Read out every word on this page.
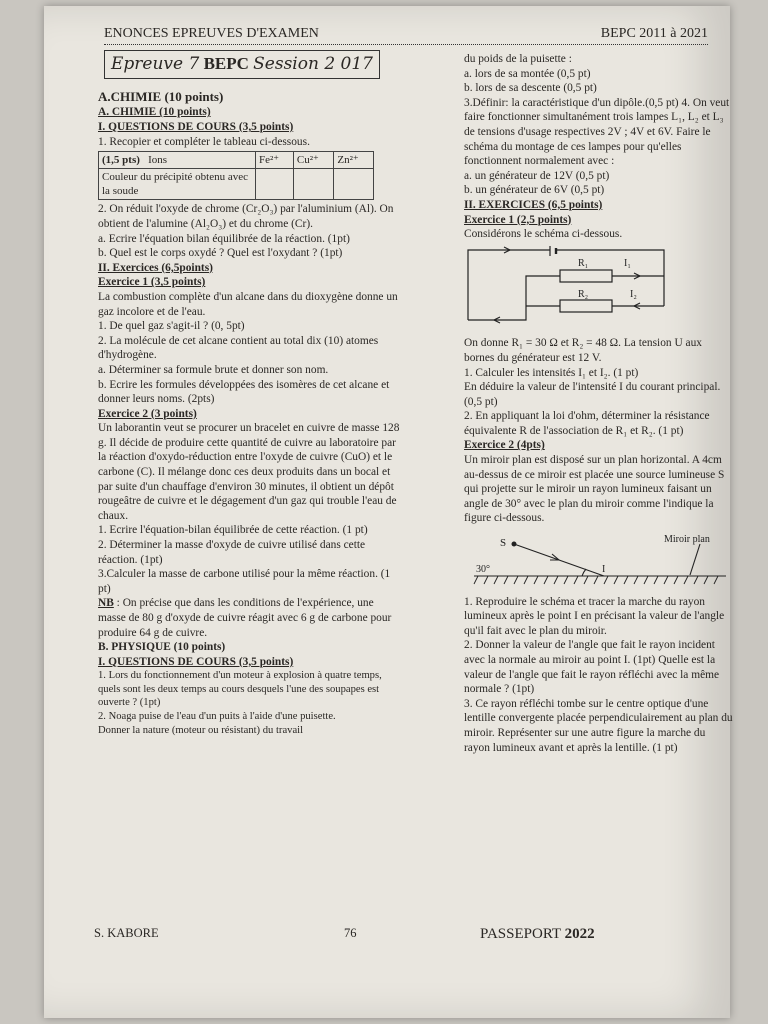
ENONCES EPREUVES D'EXAMEN	BEPC 2011 à 2021
Epreuve 7 BEPC Session 2 017

A.CHIMIE (10 points)

A. CHIMIE (10 points)

I. QUESTIONS DE COURS (3,5 points)

1. Recopier et compléter le tableau ci-dessous.

(1,5 pts) Ions	Fe²⁺	Cu²⁺	Zn²⁺
Couleur du précipité obtenu avec la soude			

2. On réduit l'oxyde de chrome (Cr₂O₃) par l'aluminium (Al). On obtient de l'alumine (Al₂O₃) et du chrome (Cr).

a. Ecrire l'équation bilan équilibrée de la réaction. (1pt)

b. Quel est le corps oxydé ? Quel est l'oxydant ? (1pt)

II. Exercices (6,5points)

Exercice 1 (3,5 points)

La combustion complète d'un alcane dans du dioxygène donne un gaz incolore et de l'eau.

1. De quel gaz s'agit-il ? (0, 5pt)

2. La molécule de cet alcane contient au total dix (10) atomes d'hydrogène.

a. Déterminer sa formule brute et donner son nom.

b. Ecrire les formules développées des isomères de cet alcane et donner leurs noms. (2pts)

Exercice 2 (3 points)

Un laborantin veut se procurer un bracelet en cuivre de masse 128 g. Il décide de produire cette quantité de cuivre au laboratoire par la réaction d'oxydo-réduction entre l'oxyde de cuivre (CuO) et le carbone (C). Il mélange donc ces deux produits dans un bocal et par suite d'un chauffage d'environ 30 minutes, il obtient un dépôt rougeâtre de cuivre et le dégagement d'un gaz qui trouble l'eau de chaux.

1. Ecrire l'équation-bilan équilibrée de cette réaction. (1 pt)

2. Déterminer la masse d'oxyde de cuivre utilisé dans cette réaction. (1pt)

3.Calculer la masse de carbone utilisé pour la même réaction. (1 pt)

NB : On précise que dans les conditions de l'expérience, une masse de 80 g d'oxyde de cuivre réagit avec 6 g de carbone pour produire 64 g de cuivre.

B. PHYSIQUE (10 points)

I. QUESTIONS DE COURS (3,5 points)

1. Lors du fonctionnement d'un moteur à explosion à quatre temps, quels sont les deux temps au cours desquels l'une des soupapes est ouverte ? (1pt)

2. Noaga puise de l'eau d'un puits à l'aide d'une puisette.

Donner la nature (moteur ou résistant) du travail

du poids de la puisette :

a. lors de sa montée (0,5 pt)

b. lors de sa descente (0,5 pt)

3.Définir: la caractéristique d'un dipôle.(0,5 pt) 4. On veut faire fonctionner simultanément trois lampes L₁, L₂ et L₃ de tensions d'usage respectives 2V ; 4V et 6V. Faire le schéma du montage de ces lampes pour qu'elles fonctionnent normalement avec :

a. un générateur de 12V (0,5 pt)

b. un générateur de 6V (0,5 pt)

II. EXERCICES (6,5 points)

Exercice 1 (2,5 points)

Considérons le schéma ci-dessous.

R₁	I₁
R₂	I₂

On donne R₁ = 30 Ω et R₂ = 48 Ω. La tension U aux bornes du générateur est 12 V.

1. Calculer les intensités I₁ et I₂. (1 pt)

En déduire la valeur de l'intensité I du courant principal. (0,5 pt)

2. En appliquant la loi d'ohm, déterminer la résistance équivalente R de l'association de R₁ et R₂. (1 pt)

Exercice 2 (4pts)

Un miroir plan est disposé sur un plan horizontal. A 4cm au-dessus de ce miroir est placée une source lumineuse S qui projette sur le miroir un rayon lumineux faisant un angle de 30° avec le plan du miroir comme l'indique la figure ci-dessous.

S
I
Miroir plan
30°

1. Reproduire le schéma et tracer la marche du rayon lumineux après le point I en précisant la valeur de l'angle qu'il fait avec le plan du miroir.

2. Donner la valeur de l'angle que fait le rayon incident avec la normale au miroir au point I. (1pt) Quelle est la valeur de l'angle que fait le rayon réfléchi avec la même normale ? (1pt)

3. Ce rayon réfléchi tombe sur le centre optique d'une lentille convergente placée perpendiculairement au plan du miroir. Représenter sur une autre figure la marche du rayon lumineux avant et après la lentille. (1 pt)

S. KABORE	76	PASSEPORT 2022
